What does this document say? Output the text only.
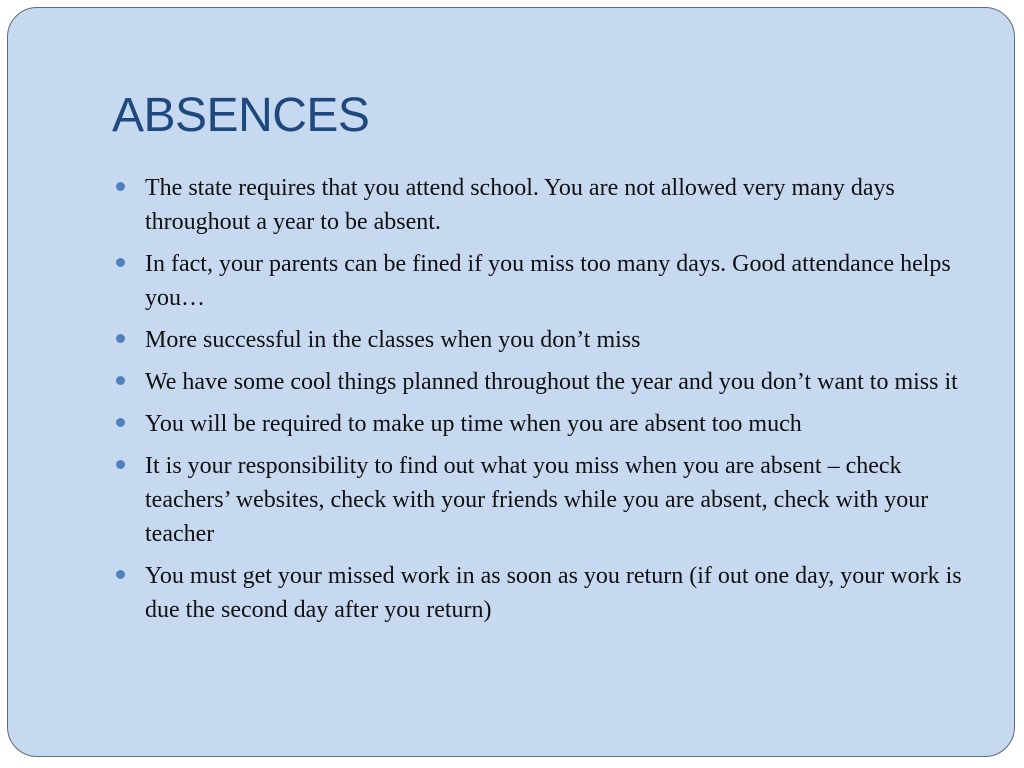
ABSENCES
The state requires that you attend school. You are not allowed very many days throughout a year to be absent.
In fact, your parents can be fined if you miss too many days. Good attendance helps you…
More successful in the classes when you don’t miss
We have some cool things planned throughout the year and you don’t want to miss it
You will be required to make up time when you are absent too much
It is your responsibility to find out what you miss when you are absent – check teachers’ websites, check with your friends while you are absent, check with your teacher
You must get your missed work in as soon as you return (if out one day, your work is due the second day after you return)
